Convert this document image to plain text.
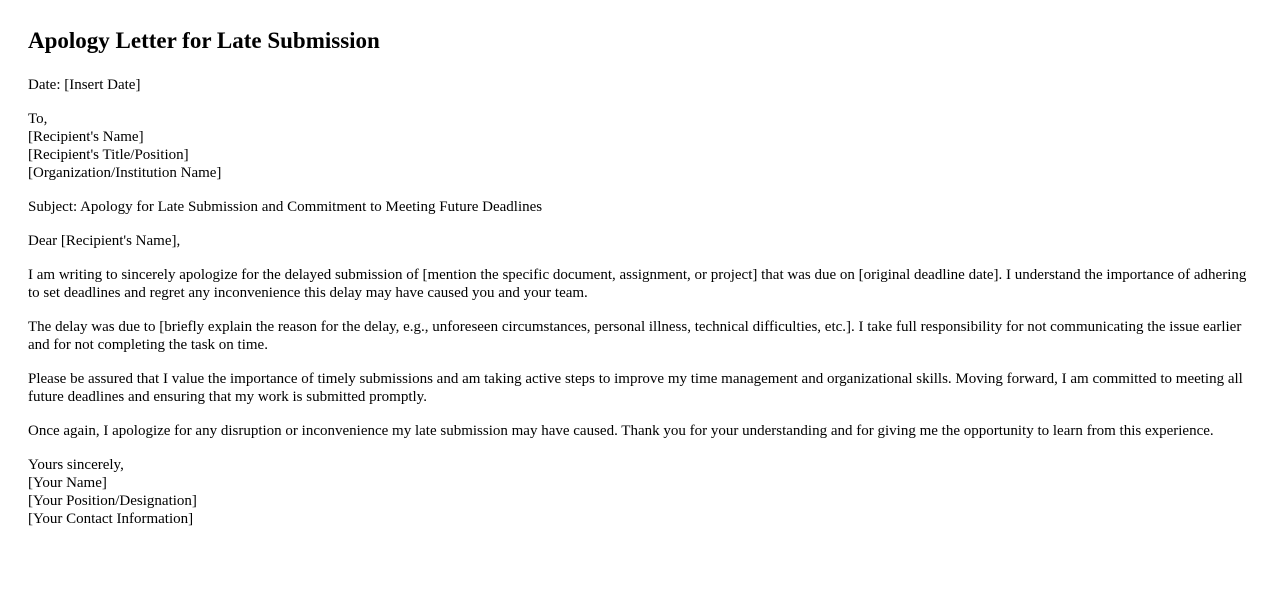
Apology Letter for Late Submission

Date: [Insert Date]

To,
[Recipient's Name]
[Recipient's Title/Position]
[Organization/Institution Name]

Subject: Apology for Late Submission and Commitment to Meeting Future Deadlines

Dear [Recipient's Name],

I am writing to sincerely apologize for the delayed submission of [mention the specific document, assignment, or project] that was due on [original deadline date]. I understand the importance of adhering to set deadlines and regret any inconvenience this delay may have caused you and your team.

The delay was due to [briefly explain the reason for the delay, e.g., unforeseen circumstances, personal illness, technical difficulties, etc.]. I take full responsibility for not communicating the issue earlier and for not completing the task on time.

Please be assured that I value the importance of timely submissions and am taking active steps to improve my time management and organizational skills. Moving forward, I am committed to meeting all future deadlines and ensuring that my work is submitted promptly.

Once again, I apologize for any disruption or inconvenience my late submission may have caused. Thank you for your understanding and for giving me the opportunity to learn from this experience.

Yours sincerely,
[Your Name]
[Your Position/Designation]
[Your Contact Information]
